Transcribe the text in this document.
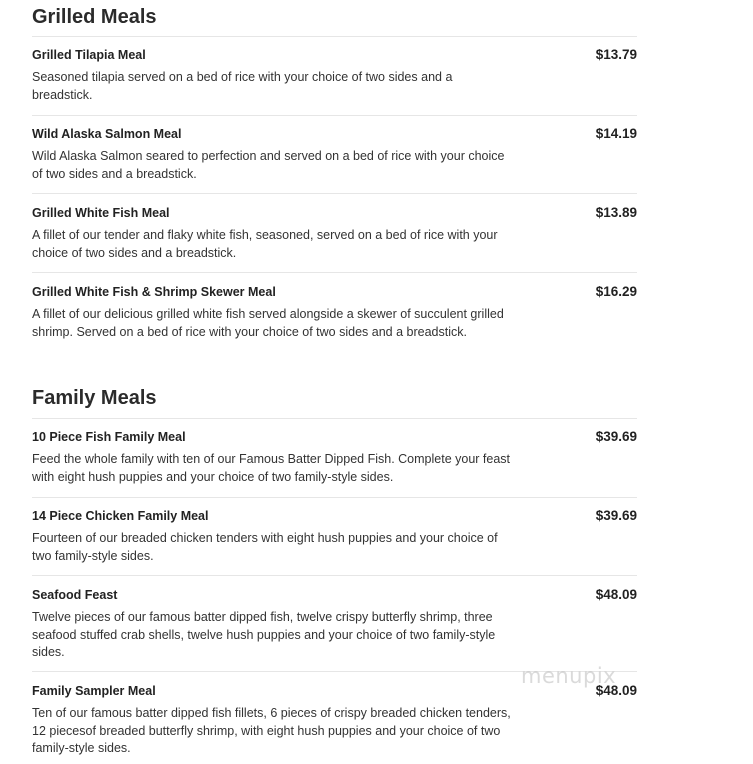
Grilled Meals
Grilled Tilapia Meal	$13.79
Seasoned tilapia served on a bed of rice with your choice of two sides and a breadstick.
Wild Alaska Salmon Meal	$14.19
Wild Alaska Salmon seared to perfection and served on a bed of rice with your choice of two sides and a breadstick.
Grilled White Fish Meal	$13.89
A fillet of our tender and flaky white fish, seasoned, served on a bed of rice with your choice of two sides and a breadstick.
Grilled White Fish & Shrimp Skewer Meal	$16.29
A fillet of our delicious grilled white fish served alongside a skewer of succulent grilled shrimp. Served on a bed of rice with your choice of two sides and a breadstick.
Family Meals
10 Piece Fish Family Meal	$39.69
Feed the whole family with ten of our Famous Batter Dipped Fish. Complete your feast with eight hush puppies and your choice of two family-style sides.
14 Piece Chicken Family Meal	$39.69
Fourteen of our breaded chicken tenders with eight hush puppies and your choice of two family-style sides.
Seafood Feast	$48.09
Twelve pieces of our famous batter dipped fish, twelve crispy butterfly shrimp, three seafood stuffed crab shells, twelve hush puppies and your choice of two family-style sides.
Family Sampler Meal	$48.09
Ten of our famous batter dipped fish fillets, 6 pieces of crispy breaded chicken tenders, 12 piecesof breaded butterfly shrimp, with eight hush puppies and your choice of two family-style sides.
menupix
